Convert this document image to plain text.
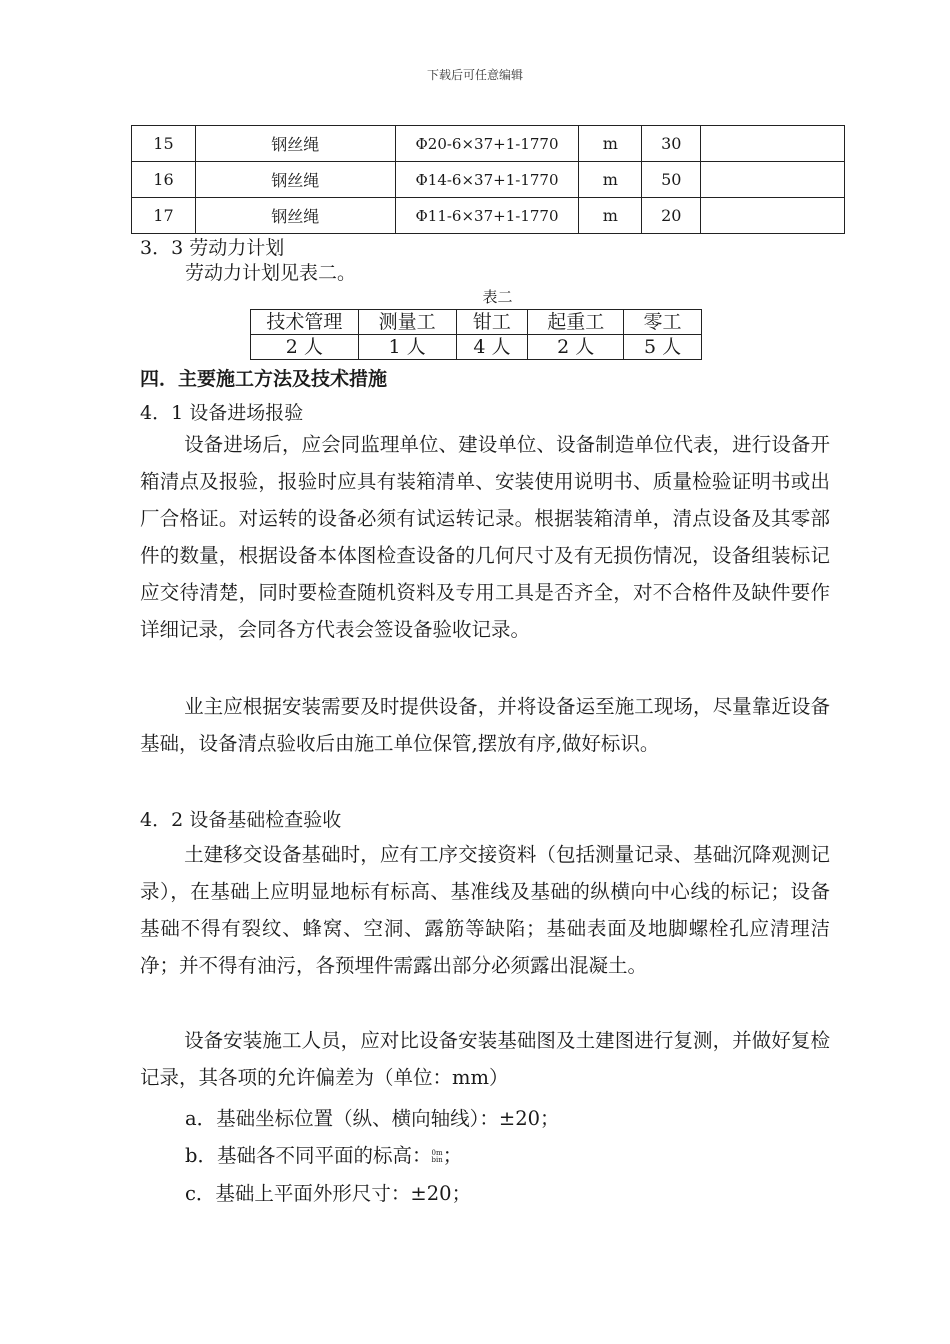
下载后可任意编辑
15	钢丝绳	Φ20-6×37+1-1770	m	30	
16	钢丝绳	Φ14-6×37+1-1770	m	50	
17	钢丝绳	Φ11-6×37+1-1770	m	20	
3．3 劳动力计划
劳动力计划见表二。
表二
技术管理	测量工	钳工	起重工	零工
2 人	1 人	4 人	2 人	5 人
四．主要施工方法及技术措施
4．1 设备进场报验
设备进场后，应会同监理单位、建设单位、设备制造单位代表，进行设备开箱清点及报验，报验时应具有装箱清单、安装使用说明书、质量检验证明书或出厂合格证。对运转的设备必须有试运转记录。根据装箱清单，清点设备及其零部件的数量，根据设备本体图检查设备的几何尺寸及有无损伤情况，设备组装标记应交待清楚，同时要检查随机资料及专用工具是否齐全，对不合格件及缺件要作详细记录，会同各方代表会签设备验收记录。
业主应根据安装需要及时提供设备，并将设备运至施工现场，尽量靠近设备基础，设备清点验收后由施工单位保管,摆放有序,做好标识。
4．2 设备基础检查验收
土建移交设备基础时，应有工序交接资料（包括测量记录、基础沉降观测记录），在基础上应明显地标有标高、基准线及基础的纵横向中心线的标记；设备基础不得有裂纹、蜂窝、空洞、露筋等缺陷；基础表面及地脚螺栓孔应清理洁净；并不得有油污，各预埋件需露出部分必须露出混凝土。
设备安装施工人员，应对比设备安装基础图及土建图进行复测，并做好复检记录，其各项的允许偏差为（单位：mm）
a．基础坐标位置（纵、横向轴线）：±20；
b．基础各不同平面的标高：0m
bin；
c．基础上平面外形尺寸：±20；
